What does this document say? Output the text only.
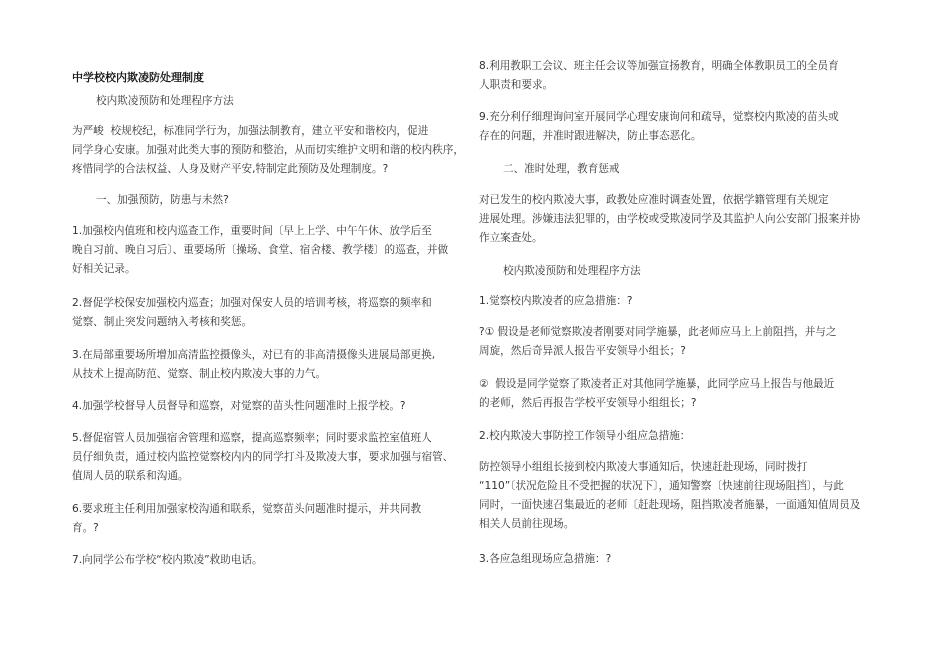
中学校校内欺凌防处理制度

校内欺凌预防和处理程序方法

为严峻  校规校纪，标准同学行为，加强法制教育，建立平安和谐校内，促进
同学身心安康。加强对此类大事的预防和整治，从而切实维护文明和谐的校内秩序，
疼惜同学的合法权益、人身及财产平安,特制定此预防及处理制度。?

一、加强预防，防患与未然?

1.加强校内值班和校内巡查工作，重要时间〔早上上学、中午午休、放学后至
晚自习前、晚自习后〕、重要场所〔操场、食堂、宿舍楼、教学楼〕的巡查，并做
好相关记录。

2.督促学校保安加强校内巡查；加强对保安人员的培训考核，将巡察的频率和
觉察、制止突发问题纳入考核和奖惩。

3.在局部重要场所增加高清监控摄像头，对已有的非高清摄像头进展局部更换,
从技术上提高防范、觉察、制止校内欺凌大事的力气。

4.加强学校督导人员督导和巡察，对觉察的苗头性问题准时上报学校。?

5.督促宿管人员加强宿舍管理和巡察，提高巡察频率；同时要求监控室值班人
员仔细负责，通过校内监控觉察校内内的同学打斗及欺凌大事，要求加强与宿管、
值周人员的联系和沟通。

6.要求班主任利用加强家校沟通和联系，觉察苗头问题准时提示，并共同教
育。?

7.向同学公布学校“校内欺凌”救助电话。

8.利用教职工会议、班主任会议等加强宣扬教育，明确全体教职员工的全员育
人职责和要求。

9.充分利仔细理询问室开展同学心理安康询问和疏导，觉察校内欺凌的苗头或
存在的问题，并准时跟进解决，防止事态恶化。

二、准时处理，教育惩戒

对已发生的校内欺凌大事，政教处应准时调查处置，依据学籍管理有关规定
进展处理。涉嫌违法犯罪的，由学校或受欺凌同学及其监护人向公安部门报案并协
作立案查处。

校内欺凌预防和处理程序方法

1.觉察校内欺凌者的应急措施：?

?① 假设是老师觉察欺凌者刚要对同学施暴，此老师应马上上前阻挡，并与之
周旋，然后奇异派人报告平安领导小组长；?

②  假设是同学觉察了欺凌者正对其他同学施暴，此同学应马上报告与他最近
的老师，然后再报告学校平安领导小组组长；?

2.校内欺凌大事防控工作领导小组应急措施：

防控领导小组组长接到校内欺凌大事通知后，快速赶赴现场，同时拨打
“110”〔状况危险且不受把握的状况下〕，通知警察〔快速前往现场阻挡〕，与此
同时，一面快速召集最近的老师〔赶赴现场，阻挡欺凌者施暴，一面通知值周员及
相关人员前往现场。

3.各应急组现场应急措施：?
